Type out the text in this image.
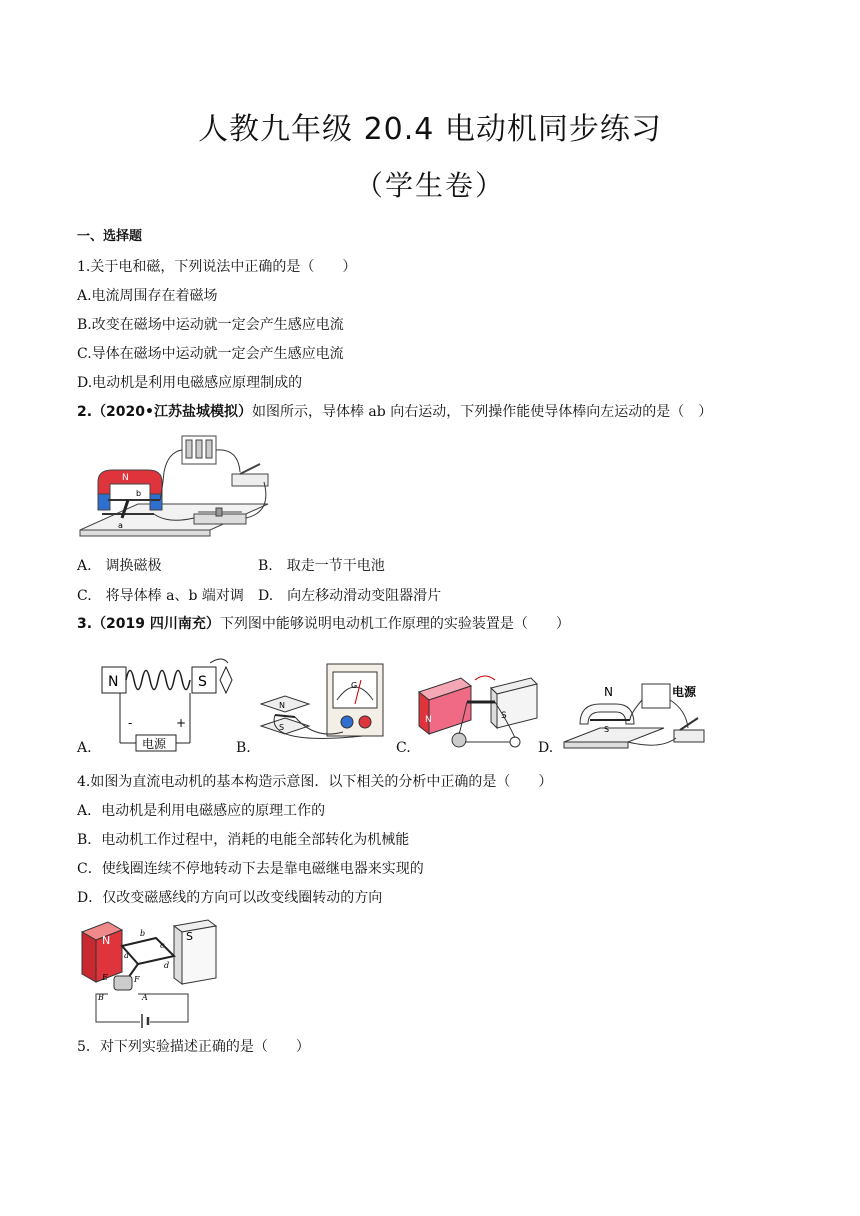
人教九年级 20.4 电动机同步练习
（学生卷）
一、选择题
1.关于电和磁，下列说法中正确的是（　　）
A.电流周围存在着磁场
B.改变在磁场中运动就一定会产生感应电流
C.导体在磁场中运动就一定会产生感应电流
D.电动机是利用电磁感应原理制成的
2.（2020•江苏盐城模拟）如图所示，导体棒 ab 向右运动，下列操作能使导体棒向左运动的是（　）
N
b
a
A.　调换磁极	B.　取走一节干电池
C.　将导体棒 a、b 端对调 D.　向左移动滑动变阻器滑片
3.（2019 四川南充）下列图中能够说明电动机工作原理的实验装置是（　　）
N	S
电源
-	+
A.
G
N
S
B.
N	S
C.
N	电源
S
D.
4.如图为直流电动机的基本构造示意图．以下相关的分析中正确的是（　　）
A．电动机是利用电磁感应的原理工作的
B．电动机工作过程中，消耗的电能全部转化为机械能
C．使线圈连续不停地转动下去是靠电磁继电器来实现的
D．仅改变磁感线的方向可以改变线圈转动的方向
N	S
b
a
c
d
E	F
B	A
5．对下列实验描述正确的是（　　）
